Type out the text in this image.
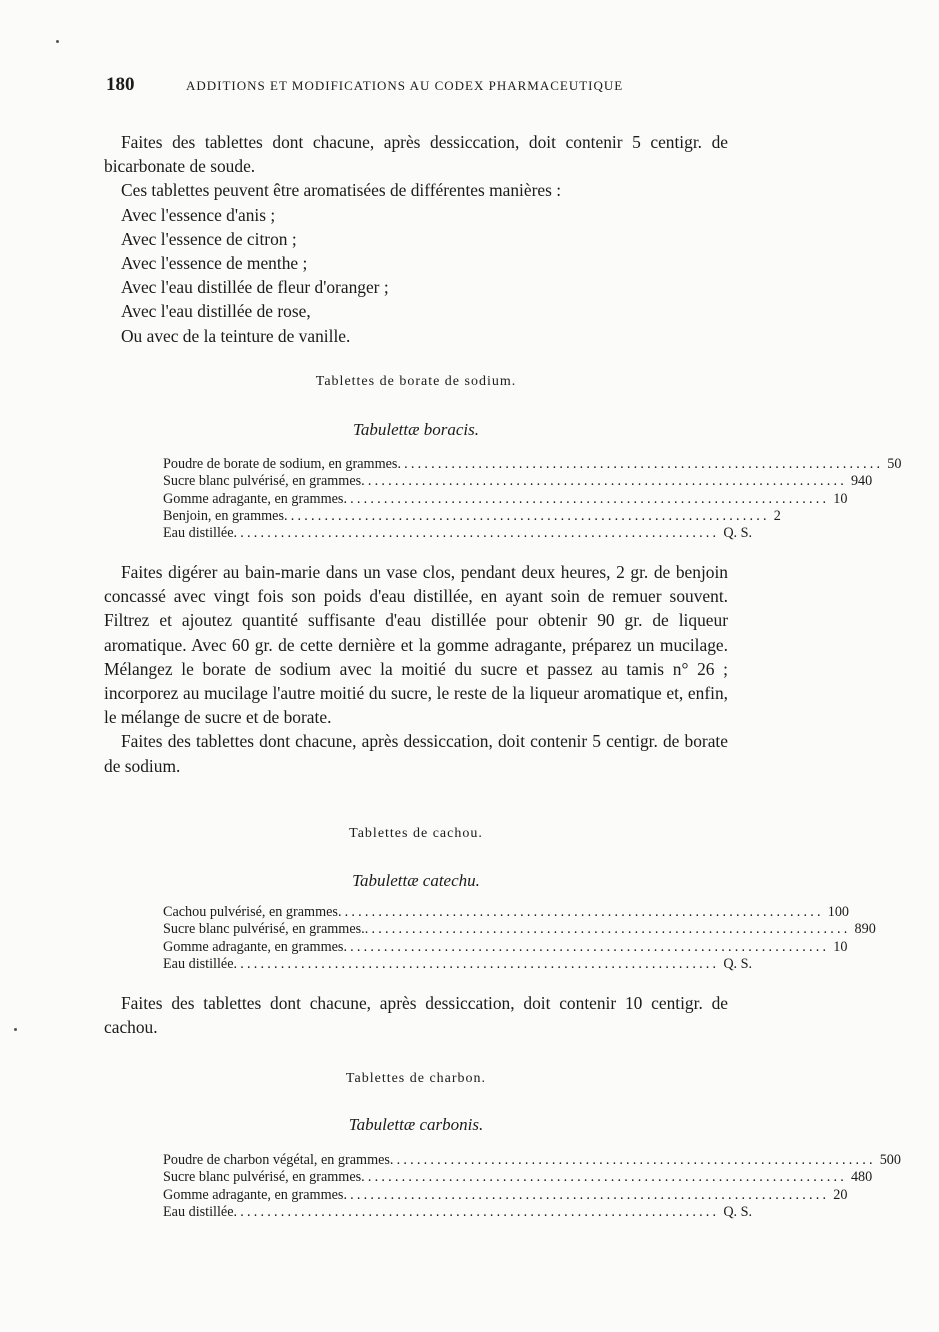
180	ADDITIONS ET MODIFICATIONS AU CODEX PHARMACEUTIQUE

Faites des tablettes dont chacune, après dessiccation, doit contenir 5 centigr. de bicarbonate de soude.

Ces tablettes peuvent être aromatisées de différentes manières :

Avec l'essence d'anis ;

Avec l'essence de citron ;

Avec l'essence de menthe ;

Avec l'eau distillée de fleur d'oranger ;

Avec l'eau distillée de rose,

Ou avec de la teinture de vanille.

Tablettes de borate de sodium.
Tabulettæ boracis.
Poudre de borate de sodium, en grammes ........................................................................ 50
Sucre blanc pulvérisé, en grammes ........................................................................ 940
Gomme adragante, en grammes ........................................................................ 10
Benjoin, en grammes ........................................................................ 2
Eau distillée ........................................................................ Q. S.

Faites digérer au bain-marie dans un vase clos, pendant deux heures, 2 gr. de benjoin concassé avec vingt fois son poids d'eau distillée, en ayant soin de remuer souvent. Filtrez et ajoutez quantité suffisante d'eau distillée pour obtenir 90 gr. de liqueur aromatique. Avec 60 gr. de cette dernière et la gomme adragante, préparez un mucilage. Mélangez le borate de sodium avec la moitié du sucre et passez au tamis n° 26 ; incorporez au mucilage l'autre moitié du sucre, le reste de la liqueur aromatique et, enfin, le mélange de sucre et de borate.

Faites des tablettes dont chacune, après dessiccation, doit contenir 5 centigr. de borate de sodium.

Tablettes de cachou.
Tabulettæ catechu.
Cachou pulvérisé, en grammes ........................................................................ 100
Sucre blanc pulvérisé, en grammes. ........................................................................ 890
Gomme adragante, en grammes ........................................................................ 10
Eau distillée ........................................................................ Q. S.

Faites des tablettes dont chacune, après dessiccation, doit contenir 10 centigr. de cachou.

Tablettes de charbon.
Tabulettæ carbonis.
Poudre de charbon végétal, en grammes ........................................................................ 500
Sucre blanc pulvérisé, en grammes ........................................................................ 480
Gomme adragante, en grammes ........................................................................ 20
Eau distillée ........................................................................ Q. S.
